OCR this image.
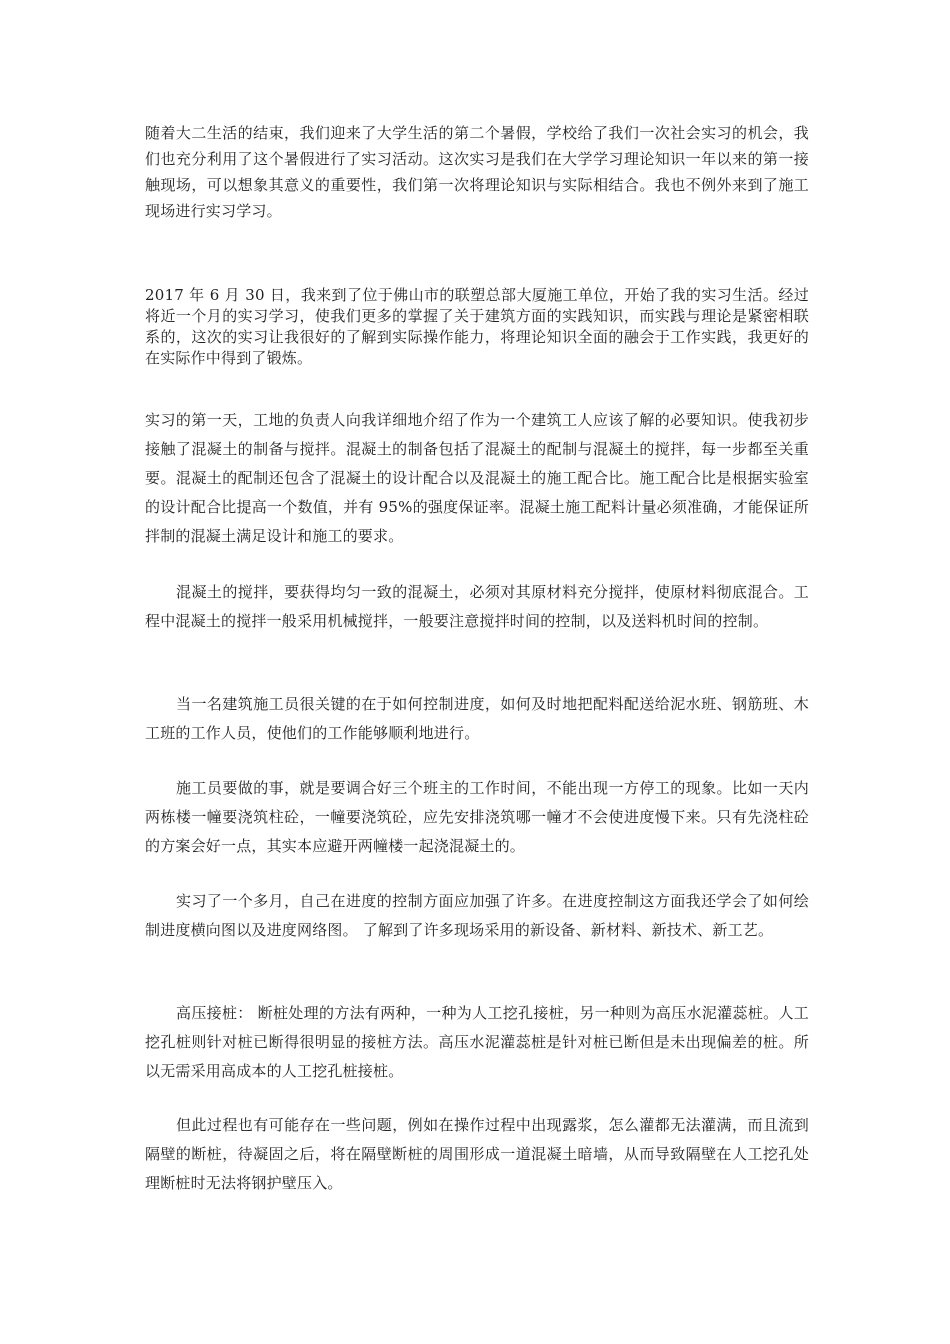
随着大二生活的结束，我们迎来了大学生活的第二个暑假，学校给了我们一次社会实习的机会，我们也充分利用了这个暑假进行了实习活动。这次实习是我们在大学学习理论知识一年以来的第一接触现场，可以想象其意义的重要性，我们第一次将理论知识与实际相结合。我也不例外来到了施工现场进行实习学习。

2017 年 6 月 30 日，我来到了位于佛山市的联塑总部大厦施工单位，开始了我的实习生活。经过将近一个月的实习学习，使我们更多的掌握了关于建筑方面的实践知识，而实践与理论是紧密相联系的，这次的实习让我很好的了解到实际操作能力，将理论知识全面的融会于工作实践，我更好的在实际作中得到了锻炼。

实习的第一天，工地的负责人向我详细地介绍了作为一个建筑工人应该了解的必要知识。使我初步接触了混凝土的制备与搅拌。混凝土的制备包括了混凝土的配制与混凝土的搅拌，每一步都至关重要。混凝土的配制还包含了混凝土的设计配合以及混凝土的施工配合比。施工配合比是根据实验室的设计配合比提高一个数值，并有 95%的强度保证率。混凝土施工配料计量必须准确，才能保证所拌制的混凝土满足设计和施工的要求。

混凝土的搅拌，要获得均匀一致的混凝土，必须对其原材料充分搅拌，使原材料彻底混合。工程中混凝土的搅拌一般采用机械搅拌，一般要注意搅拌时间的控制，以及送料机时间的控制。

当一名建筑施工员很关键的在于如何控制进度，如何及时地把配料配送给泥水班、钢筋班、木工班的工作人员，使他们的工作能够顺利地进行。

施工员要做的事，就是要调合好三个班主的工作时间，不能出现一方停工的现象。比如一天内两栋楼一幢要浇筑柱砼，一幢要浇筑砼，应先安排浇筑哪一幢才不会使进度慢下来。只有先浇柱砼的方案会好一点，其实本应避开两幢楼一起浇混凝土的。

实习了一个多月，自己在进度的控制方面应加强了许多。在进度控制这方面我还学会了如何绘制进度横向图以及进度网络图。 了解到了许多现场采用的新设备、新材料、新技术、新工艺。

高压接桩： 断桩处理的方法有两种，一种为人工挖孔接桩，另一种则为高压水泥灌蕊桩。人工挖孔桩则针对桩已断得很明显的接桩方法。高压水泥灌蕊桩是针对桩已断但是未出现偏差的桩。所以无需采用高成本的人工挖孔桩接桩。

但此过程也有可能存在一些问题，例如在操作过程中出现露浆，怎么灌都无法灌满，而且流到隔壁的断桩，待凝固之后，将在隔壁断桩的周围形成一道混凝土暗墙，从而导致隔壁在人工挖孔处理断桩时无法将钢护壁压入。
